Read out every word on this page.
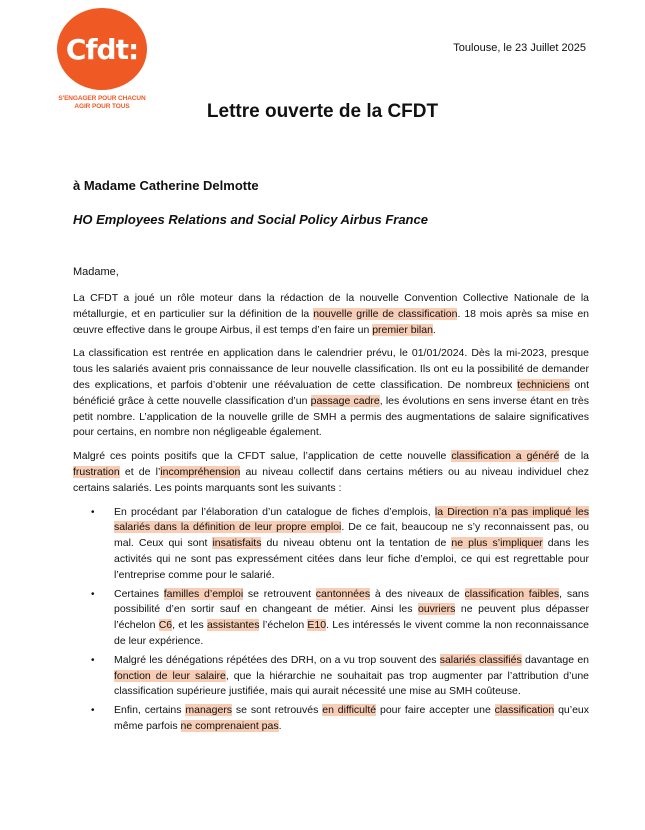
Cfdt:
S'ENGAGER POUR CHACUN
AGIR POUR TOUS
Toulouse, le 23 Juillet 2025
Lettre ouverte de la CFDT
à Madame Catherine Delmotte
HO Employees Relations and Social Policy Airbus France
Madame,

La CFDT a joué un rôle moteur dans la rédaction de la nouvelle Convention Collective Nationale de la métallurgie, et en particulier sur la définition de la nouvelle grille de classification. 18 mois après sa mise en œuvre effective dans le groupe Airbus, il est temps d’en faire un premier bilan.

La classification est rentrée en application dans le calendrier prévu, le 01/01/2024. Dès la mi-2023, presque tous les salariés avaient pris connaissance de leur nouvelle classification. Ils ont eu la possibilité de demander des explications, et parfois d’obtenir une réévaluation de cette classification. De nombreux techniciens ont bénéficié grâce à cette nouvelle classification d’un passage cadre, les évolutions en sens inverse étant en très petit nombre. L’application de la nouvelle grille de SMH a permis des augmentations de salaire significatives pour certains, en nombre non négligeable également.

Malgré ces points positifs que la CFDT salue, l’application de cette nouvelle classification a généré de la frustration et de l’incompréhension au niveau collectif dans certains métiers ou au niveau individuel chez certains salariés. Les points marquants sont les suivants :

• En procédant par l’élaboration d’un catalogue de fiches d’emplois, la Direction n’a pas impliqué les salariés dans la définition de leur propre emploi. De ce fait, beaucoup ne s’y reconnaissent pas, ou mal. Ceux qui sont insatisfaits du niveau obtenu ont la tentation de ne plus s’impliquer dans les activités qui ne sont pas expressément citées dans leur fiche d’emploi, ce qui est regrettable pour l’entreprise comme pour le salarié.
• Certaines familles d’emploi se retrouvent cantonnées à des niveaux de classification faibles, sans possibilité d’en sortir sauf en changeant de métier. Ainsi les ouvriers ne peuvent plus dépasser l’échelon C6, et les assistantes l’échelon E10. Les intéressés le vivent comme la non reconnaissance de leur expérience.
• Malgré les dénégations répétées des DRH, on a vu trop souvent des salariés classifiés davantage en fonction de leur salaire, que la hiérarchie ne souhaitait pas trop augmenter par l’attribution d’une classification supérieure justifiée, mais qui aurait nécessité une mise au SMH coûteuse.
• Enfin, certains managers se sont retrouvés en difficulté pour faire accepter une classification qu’eux même parfois ne comprenaient pas.
